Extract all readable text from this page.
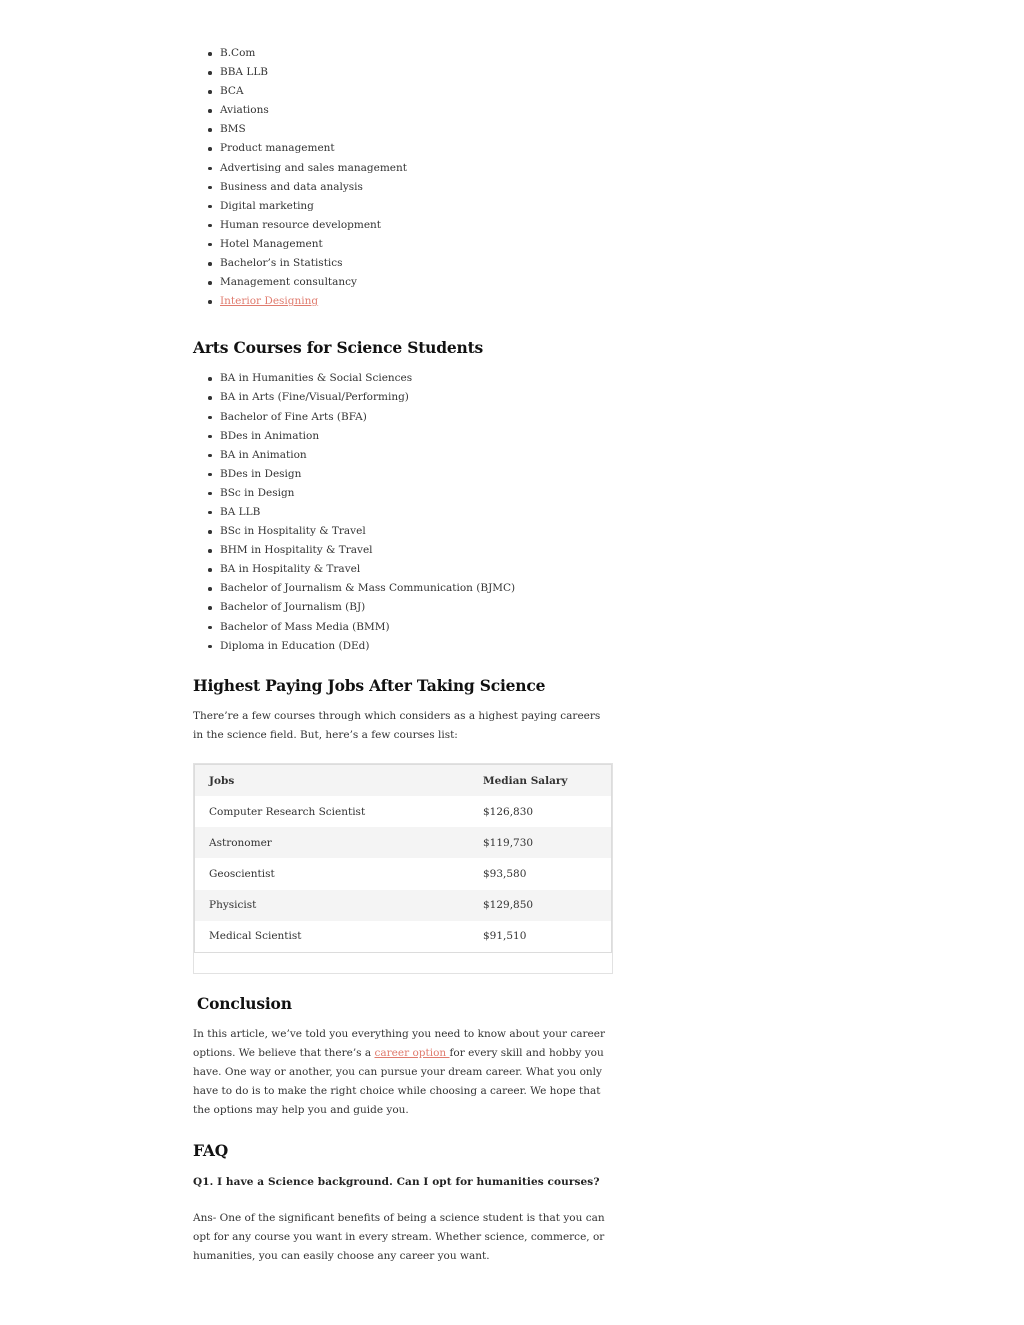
B.Com
BBA LLB
BCA
Aviations
BMS
Product management
Advertising and sales management
Business and data analysis
Digital marketing
Human resource development
Hotel Management
Bachelor’s in Statistics
Management consultancy
Interior Designing
Arts Courses for Science Students
BA in Humanities & Social Sciences
BA in Arts (Fine/Visual/Performing)
Bachelor of Fine Arts (BFA)
BDes in Animation
BA in Animation
BDes in Design
BSc in Design
BA LLB
BSc in Hospitality & Travel
BHM in Hospitality & Travel
BA in Hospitality & Travel
Bachelor of Journalism & Mass Communication (BJMC)
Bachelor of Journalism (BJ)
Bachelor of Mass Media (BMM)
Diploma in Education (DEd)
Highest Paying Jobs After Taking Science

There’re a few courses through which considers as a highest paying careers in the science field. But, here’s a few courses list:

Jobs	Median Salary
Computer Research Scientist	$126,830
Astronomer	$119,730
Geoscientist	$93,580
Physicist	$129,850
Medical Scientist	$91,510
Conclusion

In this article, we’ve told you everything you need to know about your career options. We believe that there’s a career option for every skill and hobby you have. One way or another, you can pursue your dream career. What you only have to do is to make the right choice while choosing a career. We hope that the options may help you and guide you.

FAQ

Q1. I have a Science background. Can I opt for humanities courses?

Ans- One of the significant benefits of being a science student is that you can opt for any course you want in every stream. Whether science, commerce, or humanities, you can easily choose any career you want.
